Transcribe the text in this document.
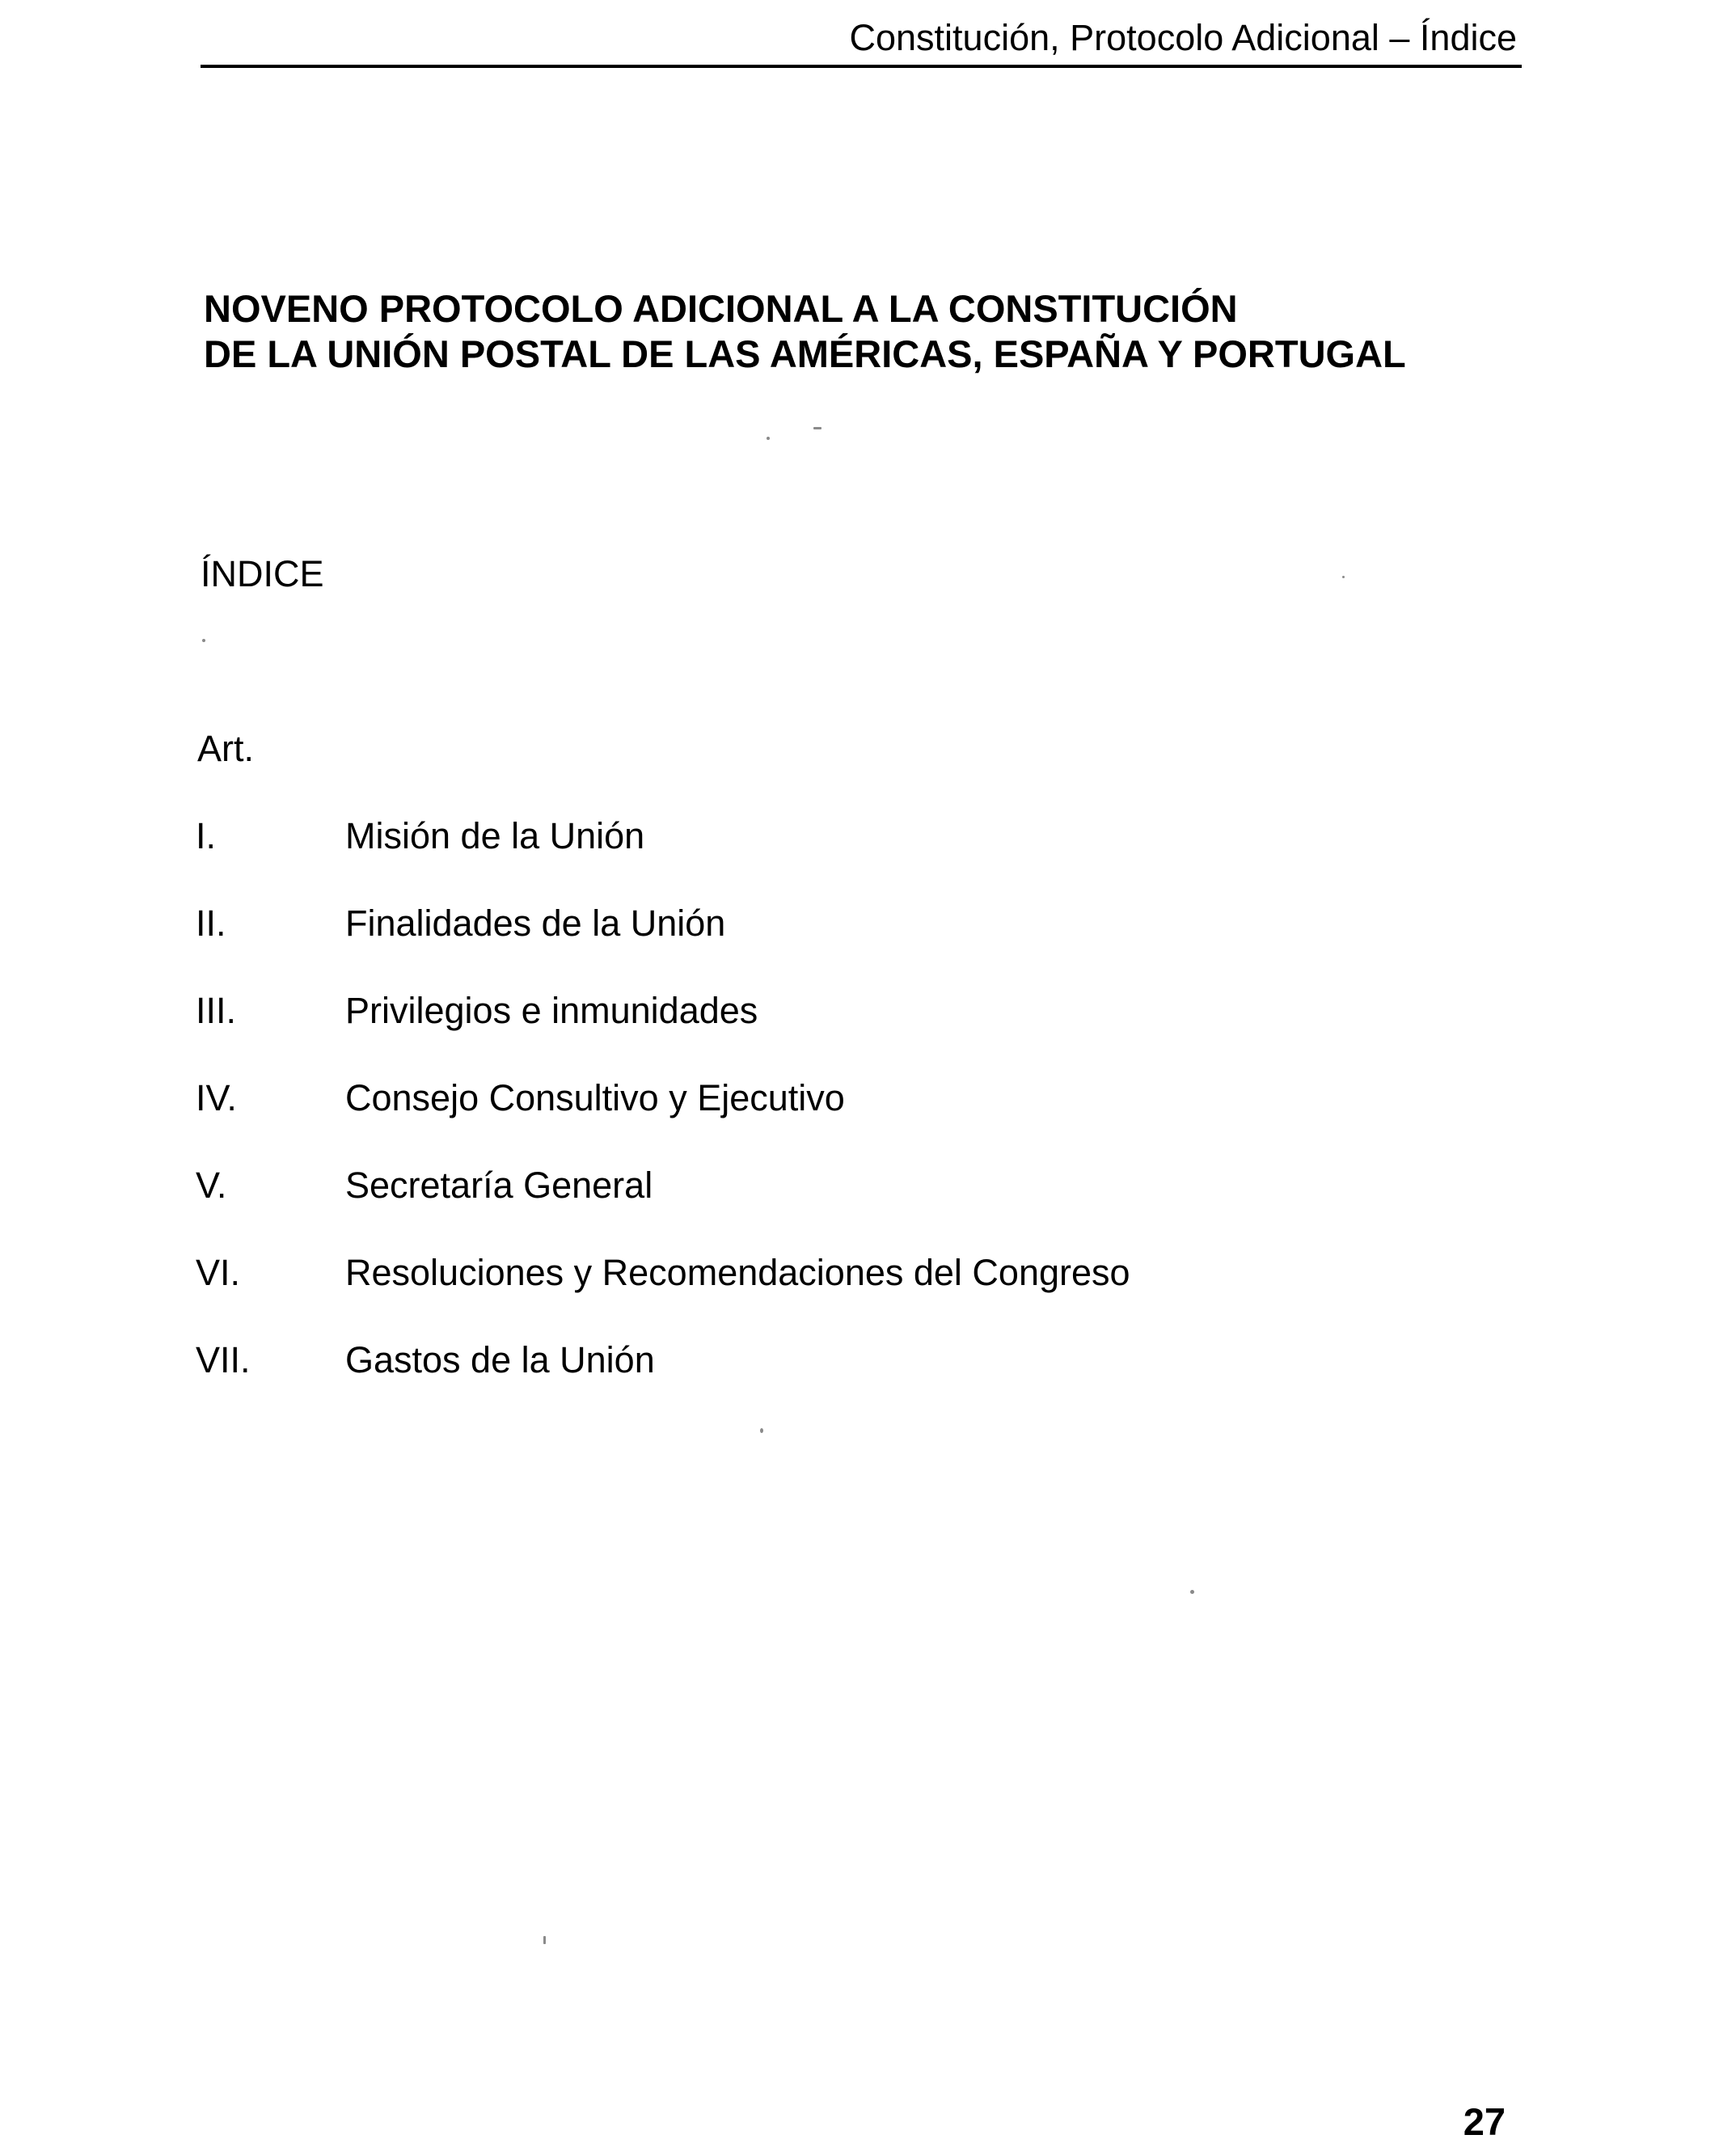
Constitución, Protocolo Adicional – Índice
NOVENO PROTOCOLO ADICIONAL A LA CONSTITUCIÓN
DE LA UNIÓN POSTAL DE LAS AMÉRICAS, ESPAÑA Y PORTUGAL
ÍNDICE
Art.
I.	Misión de la Unión
II.	Finalidades de la Unión
III.	Privilegios e inmunidades
IV.	Consejo Consultivo y Ejecutivo
V.	Secretaría General
VI.	Resoluciones y Recomendaciones del Congreso
VII.	Gastos de la Unión
27
